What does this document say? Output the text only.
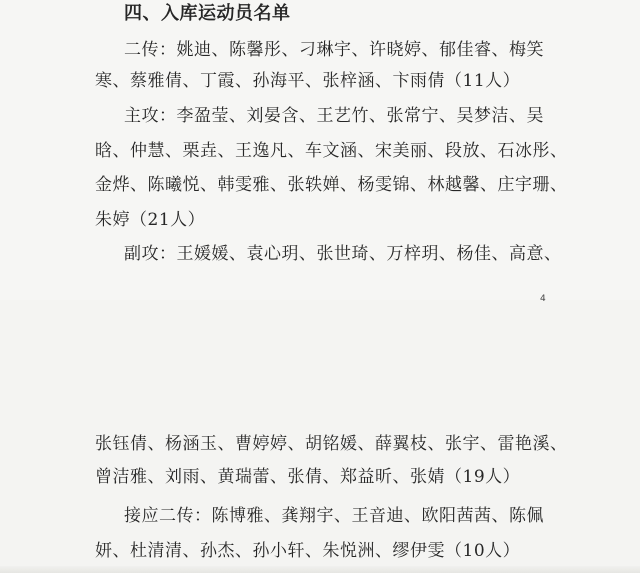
四、入库运动员名单
二传：姚迪、陈馨彤、刁琳宇、许晓婷、郁佳睿、梅笑
寒、蔡雅倩、丁霞、孙海平、张梓涵、卞雨倩（11人）
主攻：李盈莹、刘晏含、王艺竹、张常宁、吴梦洁、吴
晗、仲慧、栗垚、王逸凡、车文涵、宋美丽、段放、石冰彤、
金烨、陈曦悦、韩雯雅、张轶婵、杨雯锦、林越馨、庄宇珊、
朱婷（21人）
副攻：王媛媛、袁心玥、张世琦、万梓玥、杨佳、高意、
4
张钰倩、杨涵玉、曹婷婷、胡铭媛、薛翼枝、张宇、雷艳溪、
曾洁雅、刘雨、黄瑞蕾、张倩、郑益昕、张婧（19人）
接应二传：陈博雅、龚翔宇、王音迪、欧阳茜茜、陈佩
妍、杜清清、孙杰、孙小轩、朱悦洲、缪伊雯（10人）
